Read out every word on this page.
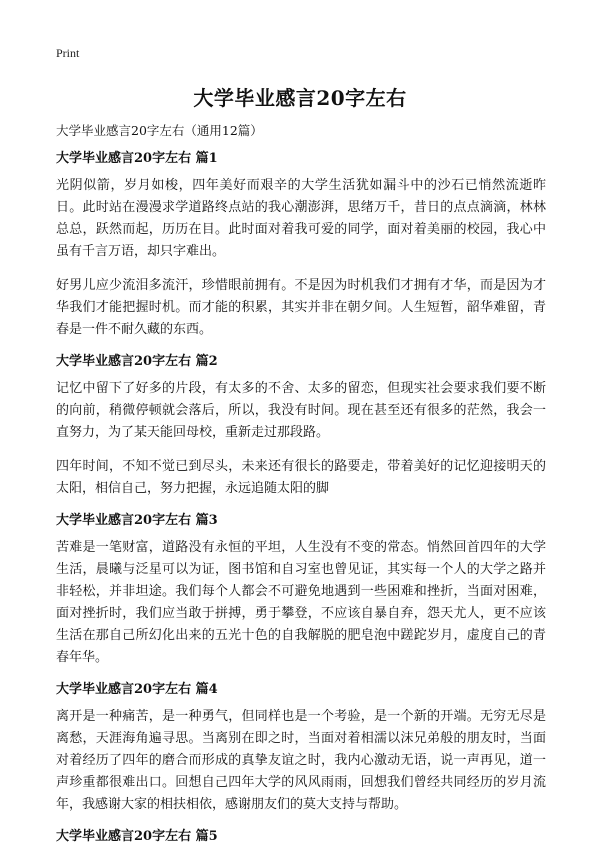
Print
大学毕业感言20字左右
大学毕业感言20字左右（通用12篇）
大学毕业感言20字左右 篇1

光阴似箭，岁月如梭，四年美好而艰辛的大学生活犹如漏斗中的沙石已悄然流逝昨日。此时站在漫漫求学道路终点站的我心潮澎湃，思绪万千，昔日的点点滴滴，林林总总，跃然而起，历历在目。此时面对着我可爱的同学，面对着美丽的校园，我心中虽有千言万语，却只字难出。

好男儿应少流泪多流汗，珍惜眼前拥有。不是因为时机我们才拥有才华，而是因为才华我们才能把握时机。而才能的积累，其实并非在朝夕间。人生短暂，韶华难留，青春是一件不耐久藏的东西。

大学毕业感言20字左右 篇2

记忆中留下了好多的片段，有太多的不舍、太多的留恋，但现实社会要求我们要不断的向前，稍微停顿就会落后，所以，我没有时间。现在甚至还有很多的茫然，我会一直努力，为了某天能回母校，重新走过那段路。

四年时间，不知不觉已到尽头，未来还有很长的路要走，带着美好的记忆迎接明天的太阳，相信自己，努力把握，永远追随太阳的脚

大学毕业感言20字左右 篇3

苦难是一笔财富，道路没有永恒的平坦，人生没有不变的常态。悄然回首四年的大学生活，晨曦与泛星可以为证，图书馆和自习室也曾见证，其实每一个人的大学之路并非轻松，并非坦途。我们每个人都会不可避免地遇到一些困难和挫折，当面对困难，面对挫折时，我们应当敢于拼搏，勇于攀登，不应该自暴自弃，怨天尤人，更不应该生活在那自己所幻化出来的五光十色的自我解脱的肥皂泡中蹉跎岁月，虚度自己的青春年华。

大学毕业感言20字左右 篇4

离开是一种痛苦，是一种勇气，但同样也是一个考验，是一个新的开端。无穷无尽是离愁，天涯海角遍寻思。当离别在即之时，当面对着相濡以沫兄弟般的朋友时，当面对着经历了四年的磨合而形成的真挚友谊之时，我内心激动无语，说一声再见，道一声珍重都很难出口。回想自己四年大学的风风雨雨，回想我们曾经共同经历的岁月流年，我感谢大家的相扶相依，感谢朋友们的莫大支持与帮助。

大学毕业感言20字左右 篇5
